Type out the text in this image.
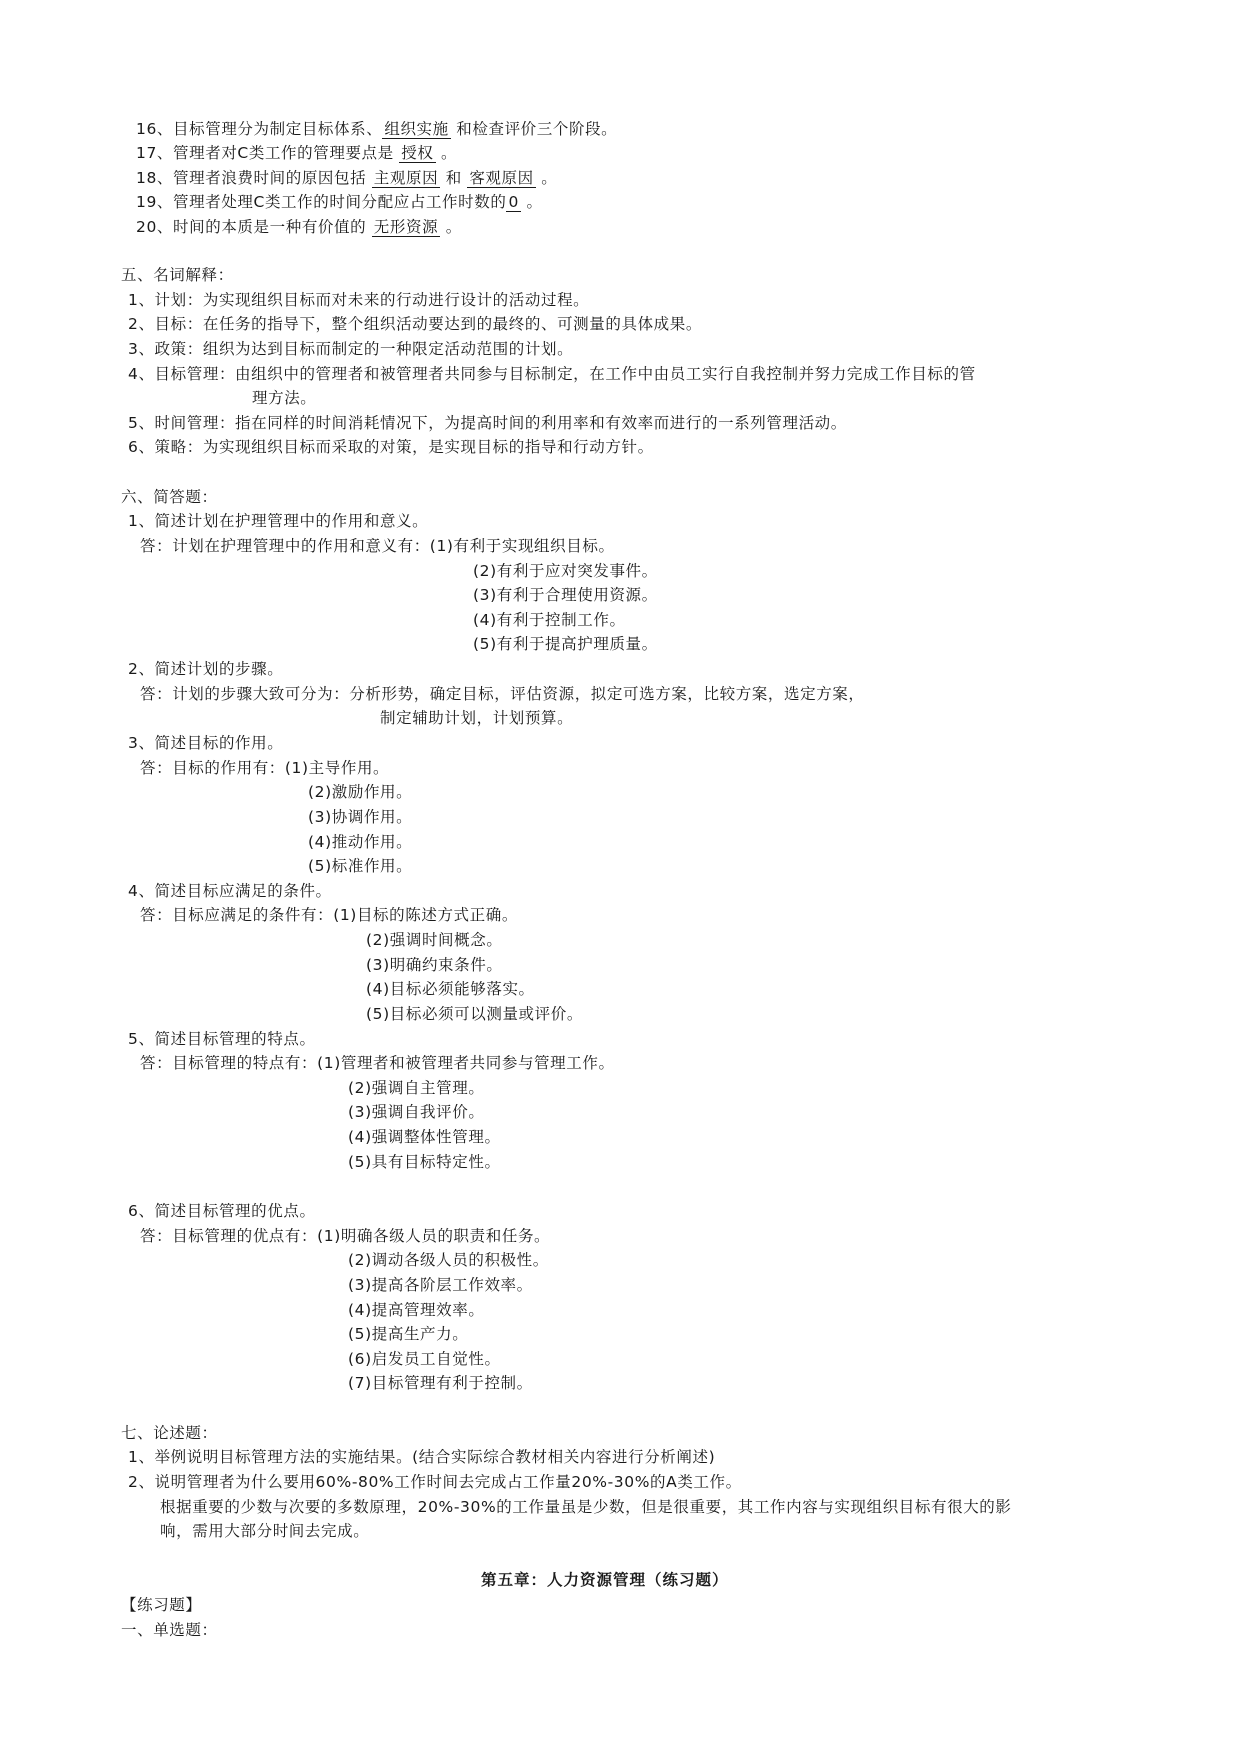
16、目标管理分为制定目标体系、 组织实施 和检查评价三个阶段。
17、管理者对C类工作的管理要点是 授权 。
18、管理者浪费时间的原因包括 主观原因 和 客观原因 。
19、管理者处理C类工作的时间分配应占工作时数的 0 。
20、时间的本质是一种有价值的 无形资源 。
五、名词解释：
1、计划：为实现组织目标而对未来的行动进行设计的活动过程。
2、目标：在任务的指导下，整个组织活动要达到的最终的、可测量的具体成果。
3、政策：组织为达到目标而制定的一种限定活动范围的计划。
4、目标管理：由组织中的管理者和被管理者共同参与目标制定，在工作中由员工实行自我控制并努力完成工作目标的管
理方法。
5、时间管理：指在同样的时间消耗情况下，为提高时间的利用率和有效率而进行的一系列管理活动。
6、策略：为实现组织目标而采取的对策，是实现目标的指导和行动方针。
六、简答题：
1、简述计划在护理管理中的作用和意义。
答：计划在护理管理中的作用和意义有：(1)有利于实现组织目标。
(2)有利于应对突发事件。
(3)有利于合理使用资源。
(4)有利于控制工作。
(5)有利于提高护理质量。
2、简述计划的步骤。
答：计划的步骤大致可分为：分析形势，确定目标，评估资源，拟定可选方案，比较方案，选定方案，
制定辅助计划，计划预算。
3、简述目标的作用。
答：目标的作用有：(1)主导作用。
(2)激励作用。
(3)协调作用。
(4)推动作用。
(5)标准作用。
4、简述目标应满足的条件。
答：目标应满足的条件有：(1)目标的陈述方式正确。
(2)强调时间概念。
(3)明确约束条件。
(4)目标必须能够落实。
(5)目标必须可以测量或评价。
5、简述目标管理的特点。
答：目标管理的特点有：(1)管理者和被管理者共同参与管理工作。
(2)强调自主管理。
(3)强调自我评价。
(4)强调整体性管理。
(5)具有目标特定性。
6、简述目标管理的优点。
答：目标管理的优点有：(1)明确各级人员的职责和任务。
(2)调动各级人员的积极性。
(3)提高各阶层工作效率。
(4)提高管理效率。
(5)提高生产力。
(6)启发员工自觉性。
(7)目标管理有利于控制。
七、论述题：
1、举例说明目标管理方法的实施结果。(结合实际综合教材相关内容进行分析阐述)
2、说明管理者为什么要用60%-80%工作时间去完成占工作量20%-30%的A类工作。
根据重要的少数与次要的多数原理，20%-30%的工作量虽是少数，但是很重要，其工作内容与实现组织目标有很大的影
响，需用大部分时间去完成。
第五章：人力资源管理（练习题）
【练习题】
一、单选题：
